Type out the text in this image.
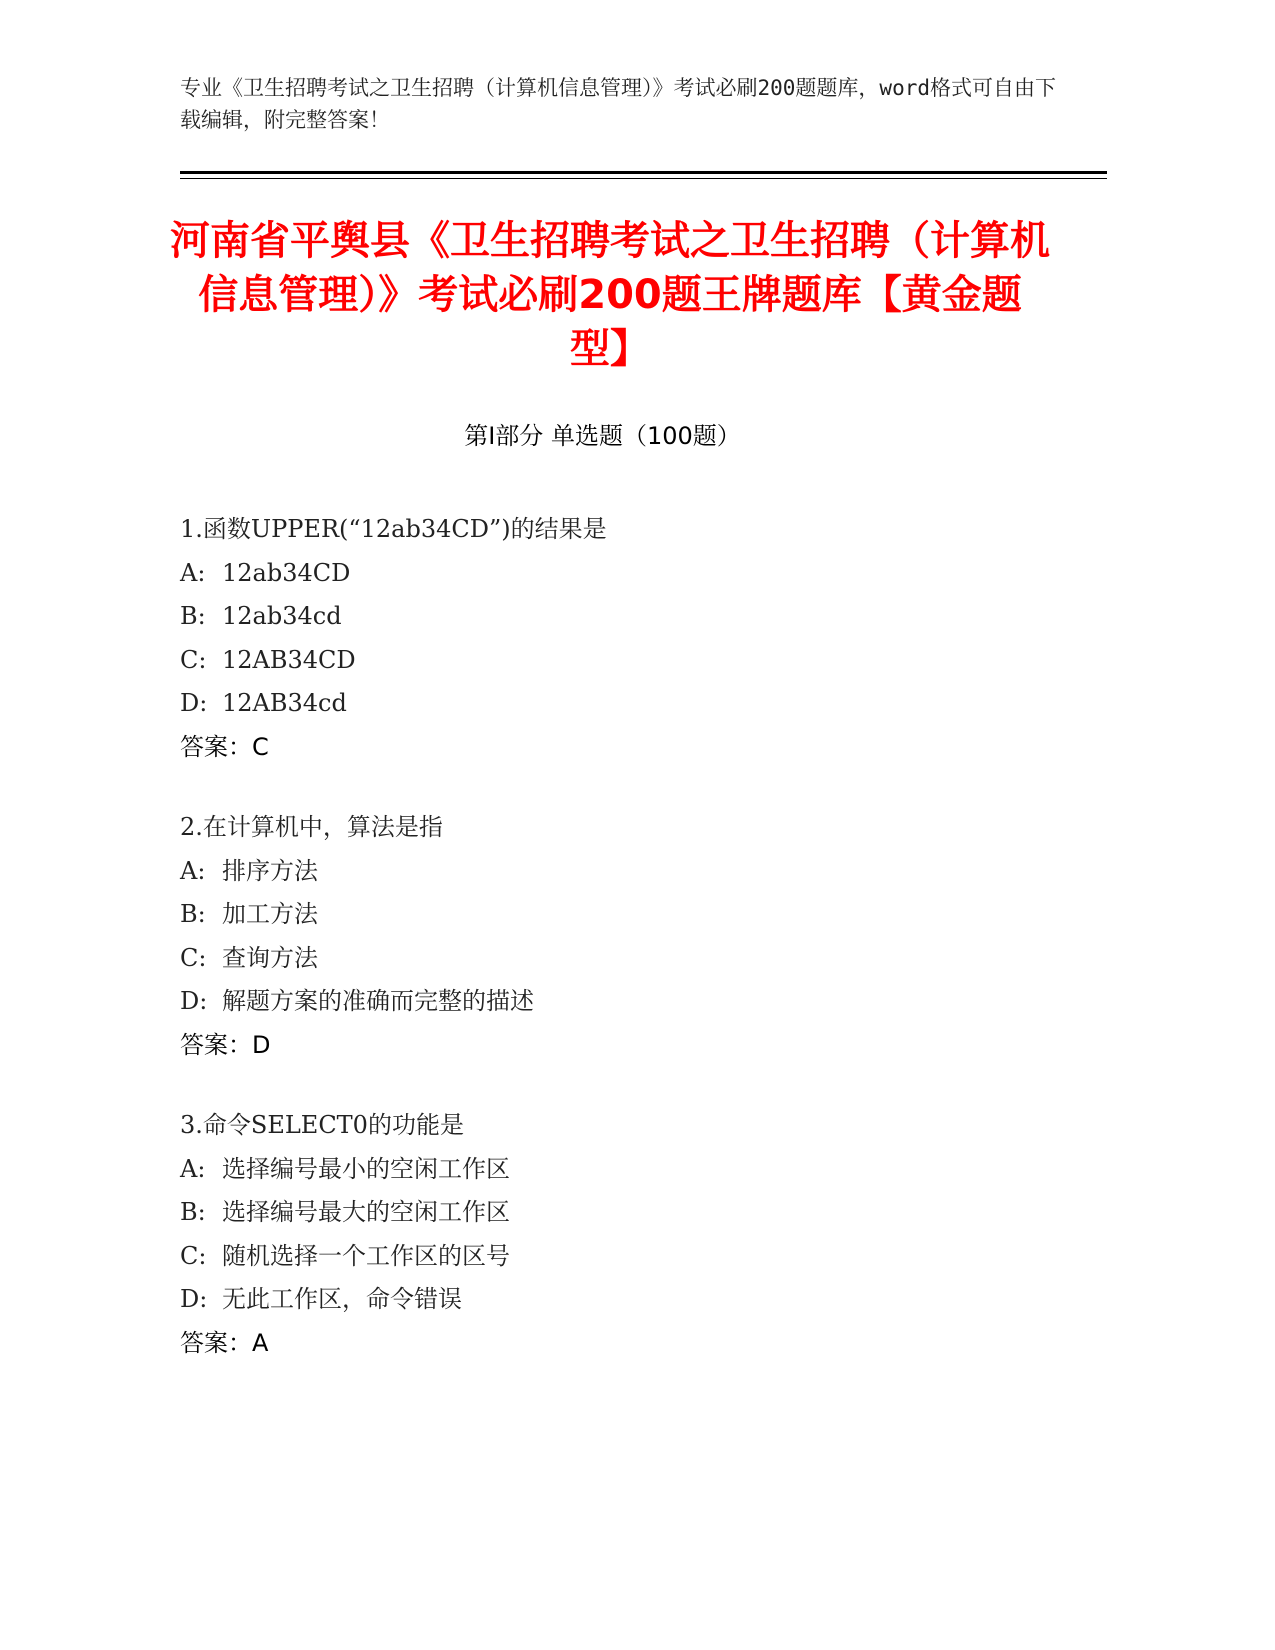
专业《卫生招聘考试之卫生招聘（计算机信息管理）》考试必刷200题题库，word格式可自由下载编辑，附完整答案！
河南省平舆县《卫生招聘考试之卫生招聘（计算机信息管理）》考试必刷200题王牌题库【黄金题型】
第Ⅰ部分 单选题（100题）
1.函数UPPER(“12ab34CD”)的结果是
A: 12ab34CD
B: 12ab34cd
C: 12AB34CD
D: 12AB34cd
答案：C
2.在计算机中，算法是指
A: 排序方法
B: 加工方法
C: 查询方法
D: 解题方案的准确而完整的描述
答案：D
3.命令SELECT0的功能是
A: 选择编号最小的空闲工作区
B: 选择编号最大的空闲工作区
C: 随机选择一个工作区的区号
D: 无此工作区，命令错误
答案：A
